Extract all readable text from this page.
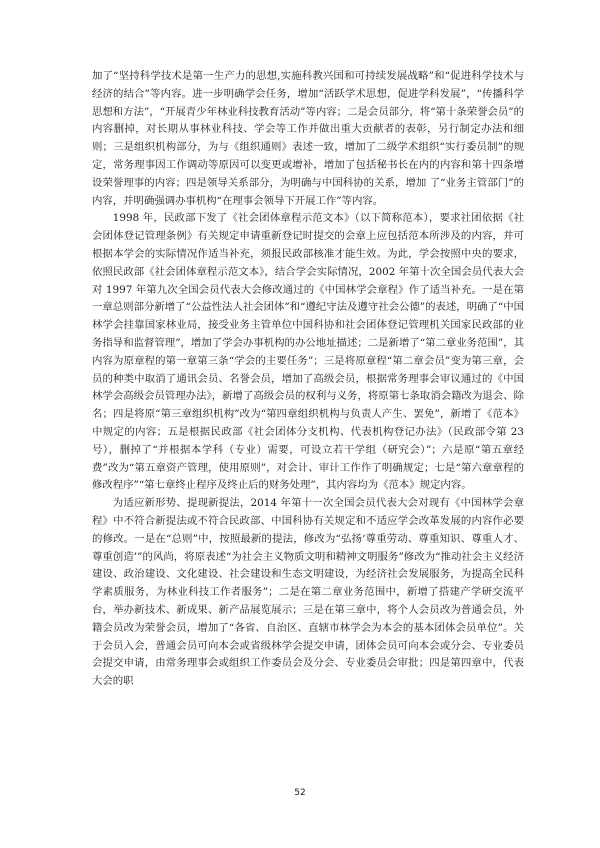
加了“坚持科学技术是第一生产力的思想,实施科教兴国和可持续发展战略”和“促进科学技术与经济的结合”等内容。进一步明确学会任务，增加“活跃学术思想，促进学科发展”，“传播科学思想和方法”，“开展青少年林业科技教育活动”等内容；二是会员部分，将“第十条荣誉会员”的内容删掉，对长期从事林业科技、学会等工作并做出重大贡献者的表彰，另行制定办法和细则；三是组织机构部分，为与《组织通则》表述一致，增加了二级学术组织“实行委员制”的规定，常务理事因工作调动等原因可以变更或增补，增加了包括秘书长在内的内容和第十四条增设荣誉理事的内容；四是领导关系部分，为明确与中国科协的关系，增加 了“业务主管部门”的内容，并明确强调办事机构“在理事会领导下开展工作”等内容。

1998 年，民政部下发了《社会团体章程示范文本》（以下简称范本），要求社团依据《社会团体登记管理条例》有关规定申请重新登记时提交的会章上应包括范本所涉及的内容，并可根据本学会的实际情况作适当补充，须报民政部核准才能生效。为此，学会按照中央的要求，依照民政部《社会团体章程示范文本》，结合学会实际情况，2002 年第十次全国会员代表大会对 1997 年第九次全国会员代表大会修改通过的《中国林学会章程》作了适当补充。一是在第一章总则部分新增了“公益性法人社会团体”和“遵纪守法及遵守社会公德”的表述，明确了“中国林学会挂靠国家林业局，接受业务主管单位中国科协和社会团体登记管理机关国家民政部的业务指导和监督管理”，增加了学会办事机构的办公地址描述；二是新增了“第二章业务范围”，其内容为原章程的第一章第三条“学会的主要任务”；三是将原章程“第二章会员”变为第三章，会员的种类中取消了通讯会员、名誉会员，增加了高级会员，根据常务理事会审议通过的《中国林学会高级会员管理办法》，新增了高级会员的权利与义务，将原第七条取消会籍改为退会、除名；四是将原“第三章组织机构”改为“第四章组织机构与负责人产生、罢免”，新增了《范本》中规定的内容；五是根据民政部《社会团体分支机构、代表机构登记办法》（民政部令第 23 号），删掉了“并根据本学科（专业）需要，可设立若干学组（研究会）”；六是原“第五章经费”改为“第五章资产管理，使用原则”，对会计、审计工作作了明确规定；七是“第六章章程的修改程序”“第七章终止程序及终止后的财务处理”，其内容均为《范本》规定内容。

为适应新形势、提现新提法，2014 年第十一次全国会员代表大会对现有《中国林学会章程》中不符合新提法或不符合民政部、中国科协有关规定和不适应学会改革发展的内容作必要的修改。一是在“总则”中，按照最新的提法，修改为“弘扬‘尊重劳动、尊重知识、尊重人才、尊重创造’”的风尚，将原表述“为社会主义物质文明和精神文明服务”修改为“推动社会主义经济建设、政治建设、文化建设、社会建设和生态文明建设，为经济社会发展服务，为提高全民科学素质服务，为林业科技工作者服务”；二是在第二章业务范围中，新增了搭建产学研交流平台，举办新技术、新成果、新产品展览展示；三是在第三章中，将个人会员改为普通会员，外籍会员改为荣誉会员，增加了“各省、自治区、直辖市林学会为本会的基本团体会员单位”。关于会员入会，普通会员可向本会或省级林学会提交申请，团体会员可向本会或分会、专业委员会提交申请，由常务理事会或组织工作委员会及分会、专业委员会审批；四是第四章中，代表大会的职

52
